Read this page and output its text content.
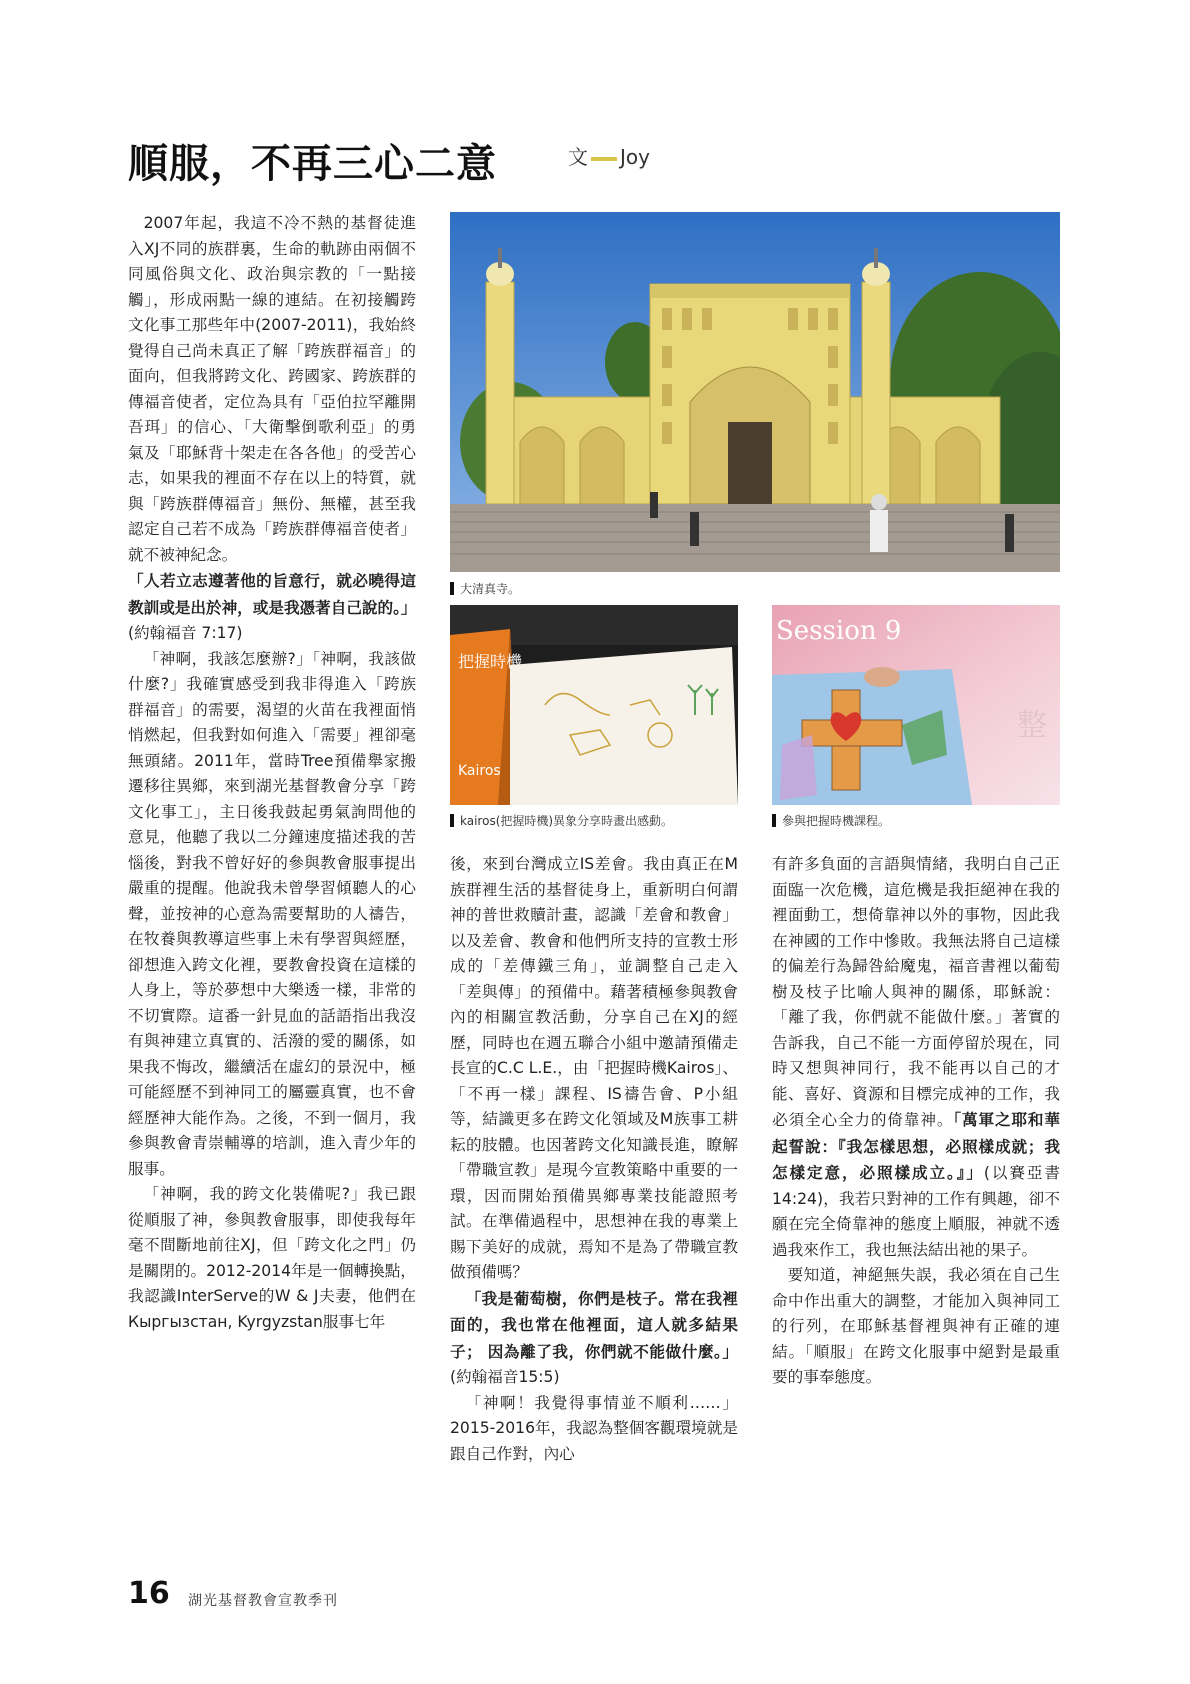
順服，不再三心二意	文 Joy

2007年起，我這不冷不熱的基督徒進入XJ不同的族群裏，生命的軌跡由兩個不同風俗與文化、政治與宗教的「一點接觸」，形成兩點一線的連結。在初接觸跨文化事工那些年中(2007-2011)，我始終覺得自己尚未真正了解「跨族群福音」的面向，但我將跨文化、跨國家、跨族群的傳福音使者，定位為具有「亞伯拉罕離開吾珥」的信心、「大衛擊倒歌利亞」的勇氣及「耶穌背十架走在各各他」的受苦心志，如果我的裡面不存在以上的特質，就與「跨族群傳福音」無份、無權，甚至我認定自己若不成為「跨族群傳福音使者」就不被神紀念。

「人若立志遵著他的旨意行，就必曉得這教訓或是出於神，或是我憑著自己說的。」(約翰福音 7:17)

「神啊，我該怎麼辦?」「神啊，我該做什麼?」我確實感受到我非得進入「跨族群福音」的需要，渴望的火苗在我裡面悄悄燃起，但我對如何進入「需要」裡卻毫無頭緒。2011年，當時Tree預備舉家搬遷移往異鄉，來到湖光基督教會分享「跨文化事工」，主日後我鼓起勇氣詢問他的意見，他聽了我以二分鐘速度描述我的苦惱後，對我不曾好好的參與教會服事提出嚴重的提醒。他說我未曾學習傾聽人的心聲，並按神的心意為需要幫助的人禱告，在牧養與教導這些事上未有學習與經歷，卻想進入跨文化裡，要教會投資在這樣的人身上，等於夢想中大樂透一樣，非常的不切實際。這番一針見血的話語指出我沒有與神建立真實的、活潑的愛的關係，如果我不悔改，繼續活在虛幻的景況中，極可能經歷不到神同工的屬靈真實，也不會經歷神大能作為。之後，不到一個月，我參與教會青崇輔導的培訓，進入青少年的服事。

「神啊，我的跨文化裝備呢?」我已跟從順服了神，參與教會服事，即使我每年毫不間斷地前往XJ，但「跨文化之門」仍是關閉的。2012-2014年是一個轉換點，我認識InterServe的W & J夫妻，他們在Кыргызстан, Kyrgyzstan服事七年

大清真寺。
把握時機
Kairos
kairos(把握時機)異象分享時畫出感動。
Session 9
整
參與把握時機課程。

後，來到台灣成立IS差會。我由真正在M族群裡生活的基督徒身上，重新明白何謂神的普世救贖計畫，認識「差會和教會」以及差會、教會和他們所支持的宣教士形成的「差傳鐵三角」，並調整自己走入「差與傳」的預備中。藉著積極參與教會內的相關宣教活動，分享自己在XJ的經歷，同時也在週五聯合小組中邀請預備走長宣的C.C L.E.，由「把握時機Kairos」、「不再一樣」課程、IS禱告會、P小組等，結識更多在跨文化領域及M族事工耕耘的肢體。也因著跨文化知識長進，瞭解「帶職宣教」是現今宣教策略中重要的一環，因而開始預備異鄉專業技能證照考試。在準備過程中，思想神在我的專業上賜下美好的成就，焉知不是為了帶職宣教做預備嗎？

「我是葡萄樹，你們是枝子。常在我裡面的，我也常在他裡面，這人就多結果子； 因為離了我，你們就不能做什麼。」(約翰福音15:5)

「神啊！我覺得事情並不順利……」2015-2016年，我認為整個客觀環境就是跟自己作對，內心

有許多負面的言語與情緒，我明白自己正面臨一次危機，這危機是我拒絕神在我的裡面動工，想倚靠神以外的事物，因此我在神國的工作中慘敗。我無法將自己這樣的偏差行為歸咎給魔鬼，福音書裡以葡萄樹及枝子比喻人與神的關係，耶穌說：「離了我，你們就不能做什麼。」著實的告訴我，自己不能一方面停留於現在，同時又想與神同行，我不能再以自己的才能、喜好、資源和目標完成神的工作，我必須全心全力的倚靠神。「萬軍之耶和華起誓說：『我怎樣思想，必照樣成就；我怎樣定意，必照樣成立。』」(以賽亞書14:24)，我若只對神的工作有興趣，卻不願在完全倚靠神的態度上順服，神就不透過我來作工，我也無法結出祂的果子。

要知道，神絕無失誤，我必須在自己生命中作出重大的調整，才能加入與神同工的行列，在耶穌基督裡與神有正確的連結。「順服」在跨文化服事中絕對是最重要的事奉態度。

16 湖光基督教會宣教季刊
